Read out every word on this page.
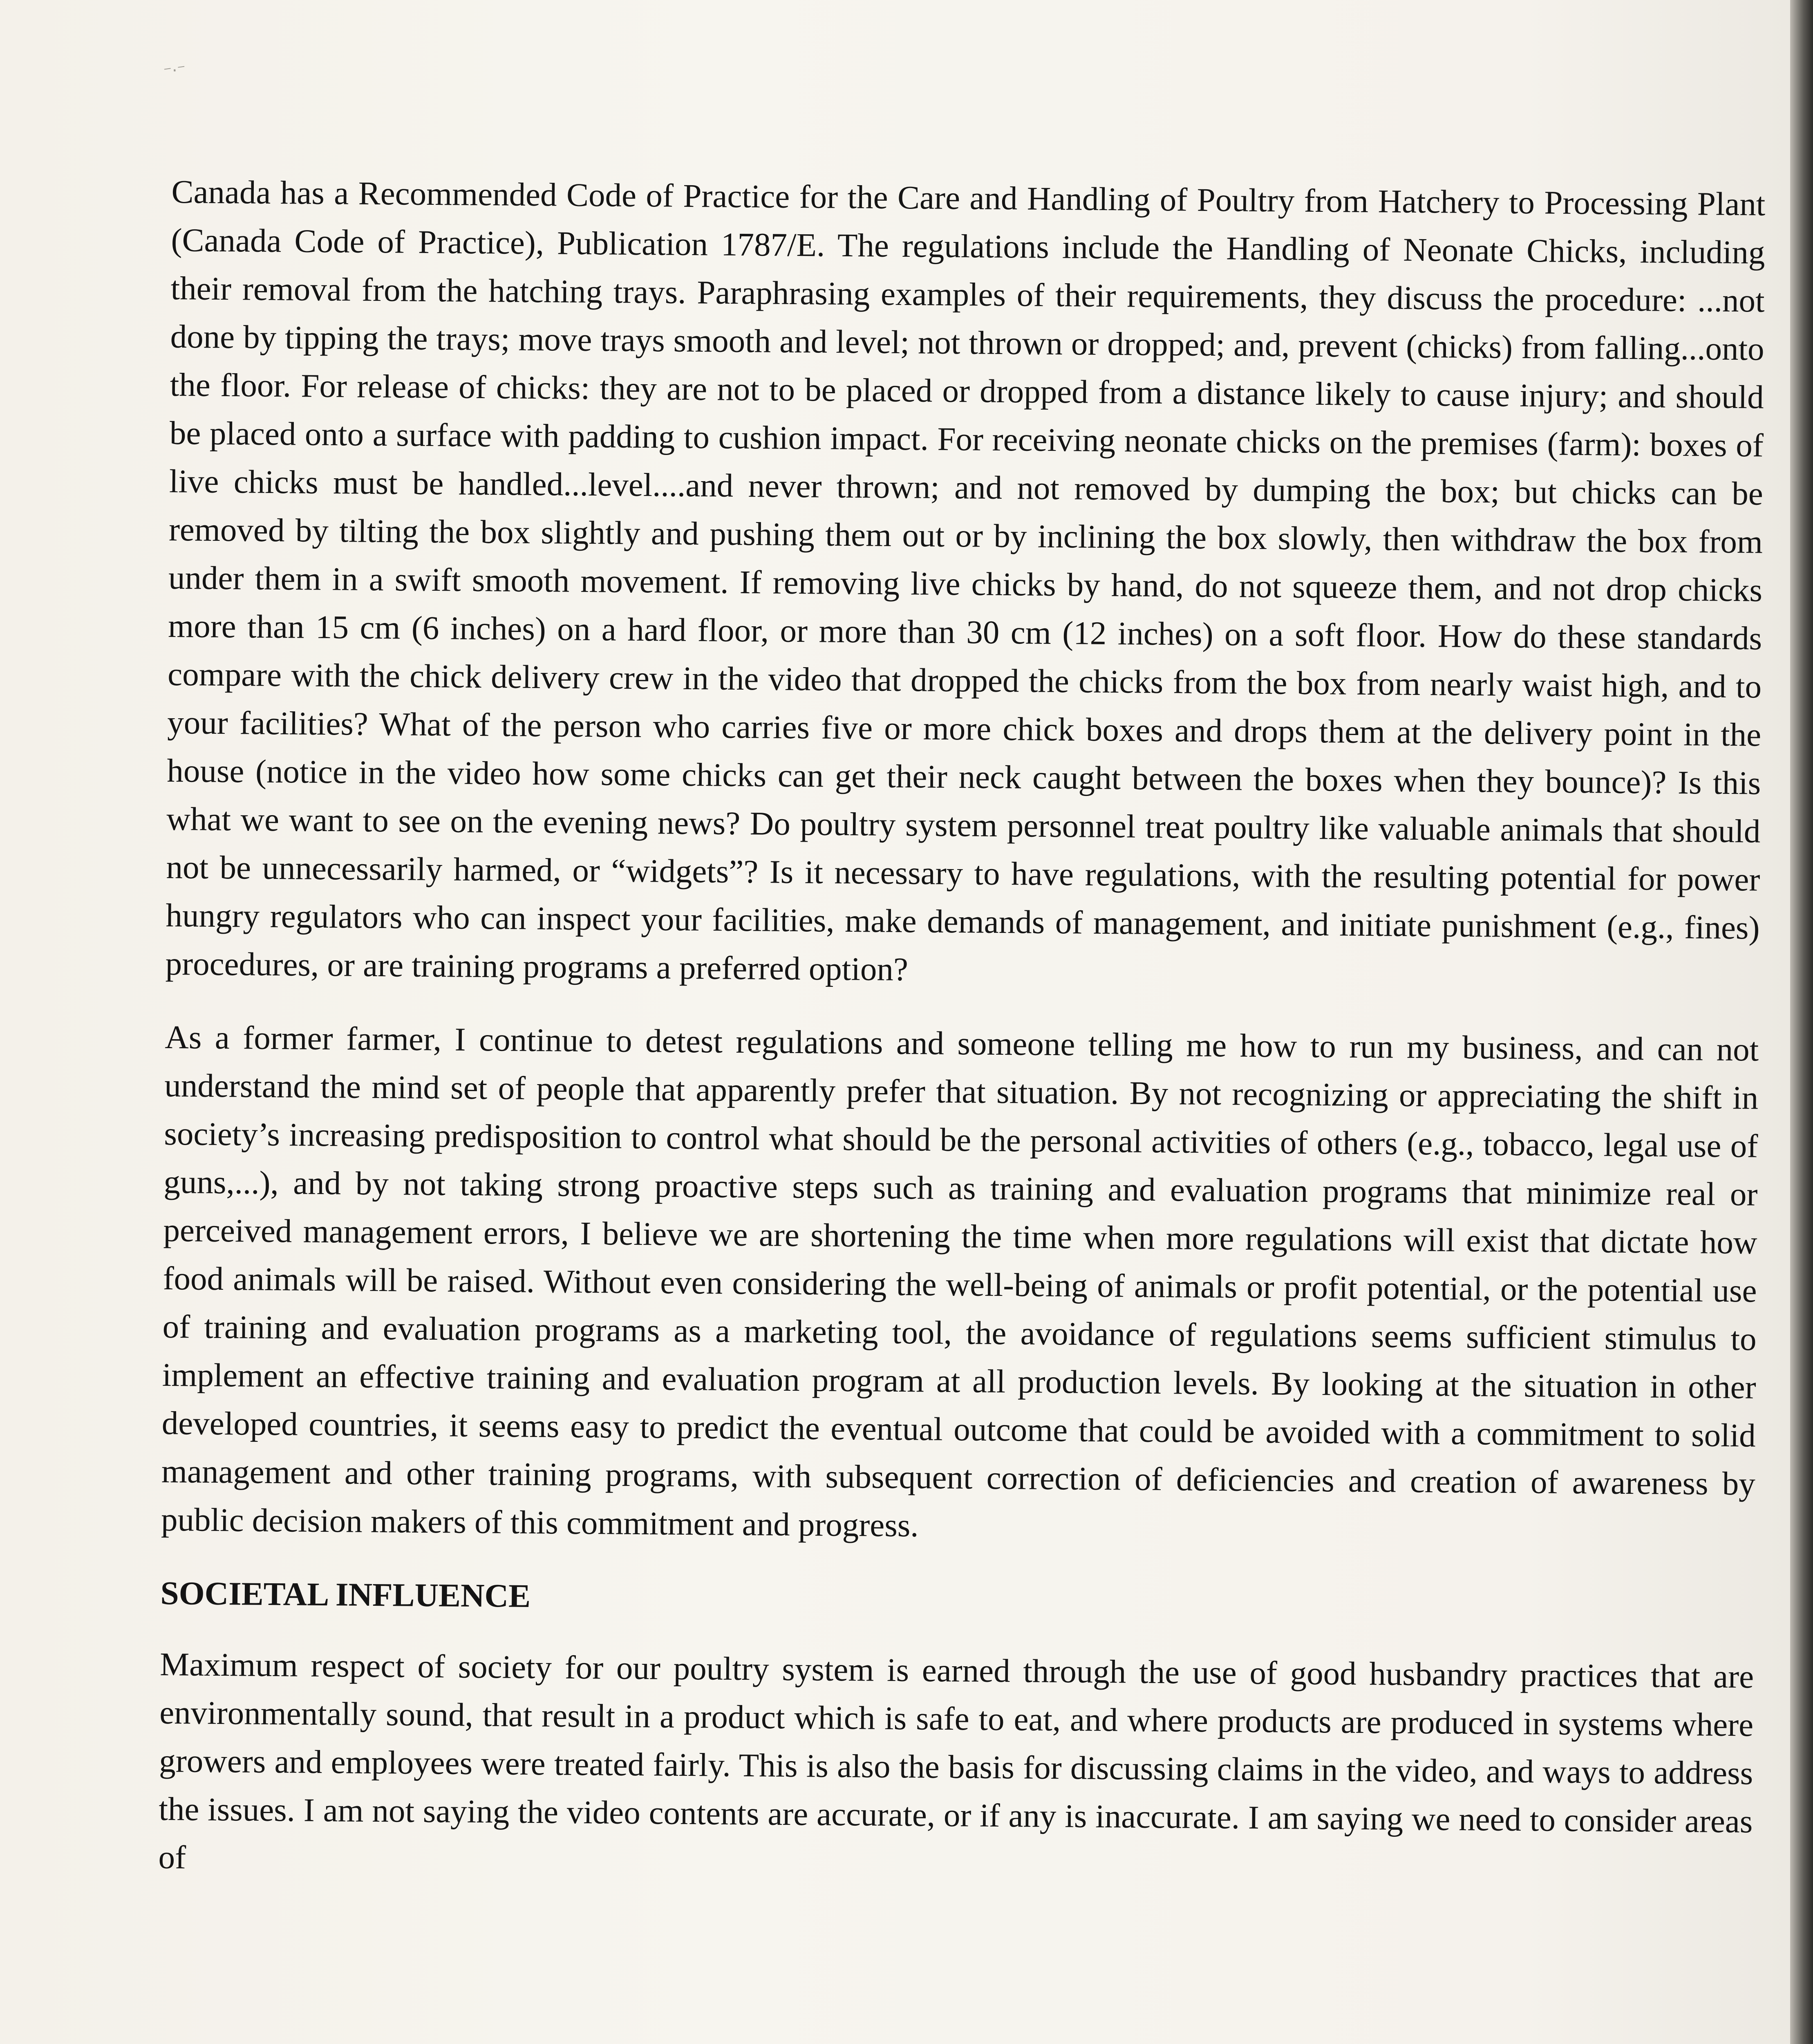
⁻·⁻

Canada has a Recommended Code of Practice for the Care and Handling of Poultry from Hatchery to Processing Plant (Canada Code of Practice), Publication 1787/E. The regulations include the Handling of Neonate Chicks, including their removal from the hatching trays. Paraphrasing examples of their requirements, they discuss the procedure: ...not done by tipping the trays; move trays smooth and level; not thrown or dropped; and, prevent (chicks) from falling...onto the floor. For release of chicks: they are not to be placed or dropped from a distance likely to cause injury; and should be placed onto a surface with padding to cushion impact. For receiving neonate chicks on the premises (farm): boxes of live chicks must be handled...level....and never thrown; and not removed by dumping the box; but chicks can be removed by tilting the box slightly and pushing them out or by inclining the box slowly, then withdraw the box from under them in a swift smooth movement. If removing live chicks by hand, do not squeeze them, and not drop chicks more than 15 cm (6 inches) on a hard floor, or more than 30 cm (12 inches) on a soft floor. How do these standards compare with the chick delivery crew in the video that dropped the chicks from the box from nearly waist high, and to your facilities? What of the person who carries five or more chick boxes and drops them at the delivery point in the house (notice in the video how some chicks can get their neck caught between the boxes when they bounce)? Is this what we want to see on the evening news? Do poultry system personnel treat poultry like valuable animals that should not be unnecessarily harmed, or “widgets”? Is it necessary to have regulations, with the resulting potential for power hungry regulators who can inspect your facilities, make demands of management, and initiate punishment (e.g., fines) procedures, or are training programs a preferred option?

As a former farmer, I continue to detest regulations and someone telling me how to run my business, and can not understand the mind set of people that apparently prefer that situation. By not recognizing or appreciating the shift in society’s increasing predisposition to control what should be the personal activities of others (e.g., tobacco, legal use of guns,...), and by not taking strong proactive steps such as training and evaluation programs that minimize real or perceived management errors, I believe we are shortening the time when more regulations will exist that dictate how food animals will be raised. Without even considering the well-being of animals or profit potential, or the potential use of training and evaluation programs as a marketing tool, the avoidance of regulations seems sufficient stimulus to implement an effective training and evaluation program at all production levels. By looking at the situation in other developed countries, it seems easy to predict the eventual outcome that could be avoided with a commitment to solid management and other training programs, with subsequent correction of deficiencies and creation of awareness by public decision makers of this commitment and progress.

SOCIETAL INFLUENCE

Maximum respect of society for our poultry system is earned through the use of good husbandry practices that are environmentally sound, that result in a product which is safe to eat, and where products are produced in systems where growers and employees were treated fairly. This is also the basis for discussing claims in the video, and ways to address the issues. I am not saying the video contents are accurate, or if any is inaccurate. I am saying we need to consider areas of
